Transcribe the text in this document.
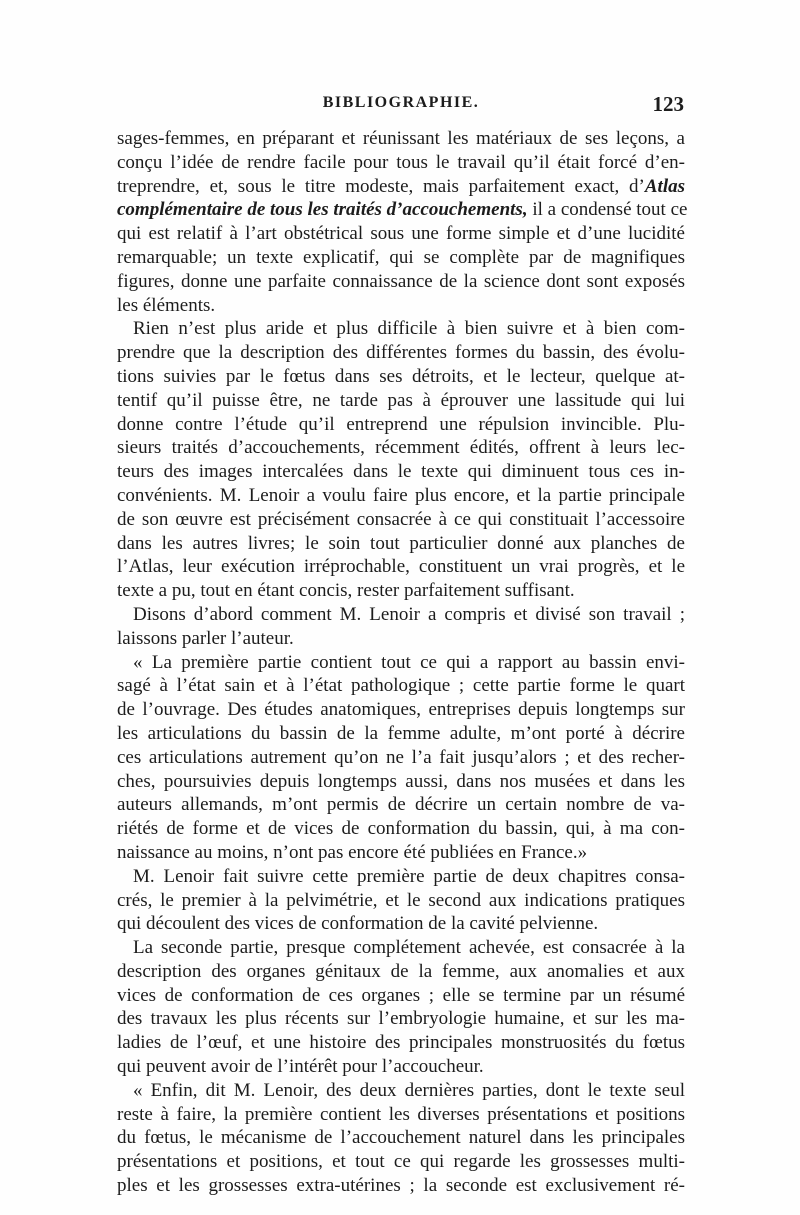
BIBLIOGRAPHIE.	123
sages-femmes, en préparant et réunissant les matériaux de ses leçons, a
conçu l’idée de rendre facile pour tous le travail qu’il était forcé d’en-
treprendre, et, sous le titre modeste, mais parfaitement exact, d’Atlas
complémentaire de tous les traités d’accouchements, il a condensé tout ce
qui est relatif à l’art obstétrical sous une forme simple et d’une lucidité
remarquable; un texte explicatif, qui se complète par de magnifiques
figures, donne une parfaite connaissance de la science dont sont exposés
les éléments.
Rien n’est plus aride et plus difficile à bien suivre et à bien com-
prendre que la description des différentes formes du bassin, des évolu-
tions suivies par le fœtus dans ses détroits, et le lecteur, quelque at-
tentif qu’il puisse être, ne tarde pas à éprouver une lassitude qui lui
donne contre l’étude qu’il entreprend une répulsion invincible. Plu-
sieurs traités d’accouchements, récemment édités, offrent à leurs lec-
teurs des images intercalées dans le texte qui diminuent tous ces in-
convénients. M. Lenoir a voulu faire plus encore, et la partie principale
de son œuvre est précisément consacrée à ce qui constituait l’accessoire
dans les autres livres; le soin tout particulier donné aux planches de
l’Atlas, leur exécution irréprochable, constituent un vrai progrès, et le
texte a pu, tout en étant concis, rester parfaitement suffisant.
Disons d’abord comment M. Lenoir a compris et divisé son travail ;
laissons parler l’auteur.
« La première partie contient tout ce qui a rapport au bassin envi-
sagé à l’état sain et à l’état pathologique ; cette partie forme le quart
de l’ouvrage. Des études anatomiques, entreprises depuis longtemps sur
les articulations du bassin de la femme adulte, m’ont porté à décrire
ces articulations autrement qu’on ne l’a fait jusqu’alors ; et des recher-
ches, poursuivies depuis longtemps aussi, dans nos musées et dans les
auteurs allemands, m’ont permis de décrire un certain nombre de va-
riétés de forme et de vices de conformation du bassin, qui, à ma con-
naissance au moins, n’ont pas encore été publiées en France.»
M. Lenoir fait suivre cette première partie de deux chapitres consa-
crés, le premier à la pelvimétrie, et le second aux indications pratiques
qui découlent des vices de conformation de la cavité pelvienne.
La seconde partie, presque complétement achevée, est consacrée à la
description des organes génitaux de la femme, aux anomalies et aux
vices de conformation de ces organes ; elle se termine par un résumé
des travaux les plus récents sur l’embryologie humaine, et sur les ma-
ladies de l’œuf, et une histoire des principales monstruosités du fœtus
qui peuvent avoir de l’intérêt pour l’accoucheur.
« Enfin, dit M. Lenoir, des deux dernières parties, dont le texte seul
reste à faire, la première contient les diverses présentations et positions
du fœtus, le mécanisme de l’accouchement naturel dans les principales
présentations et positions, et tout ce qui regarde les grossesses multi-
ples et les grossesses extra-utérines ; la seconde est exclusivement ré-
